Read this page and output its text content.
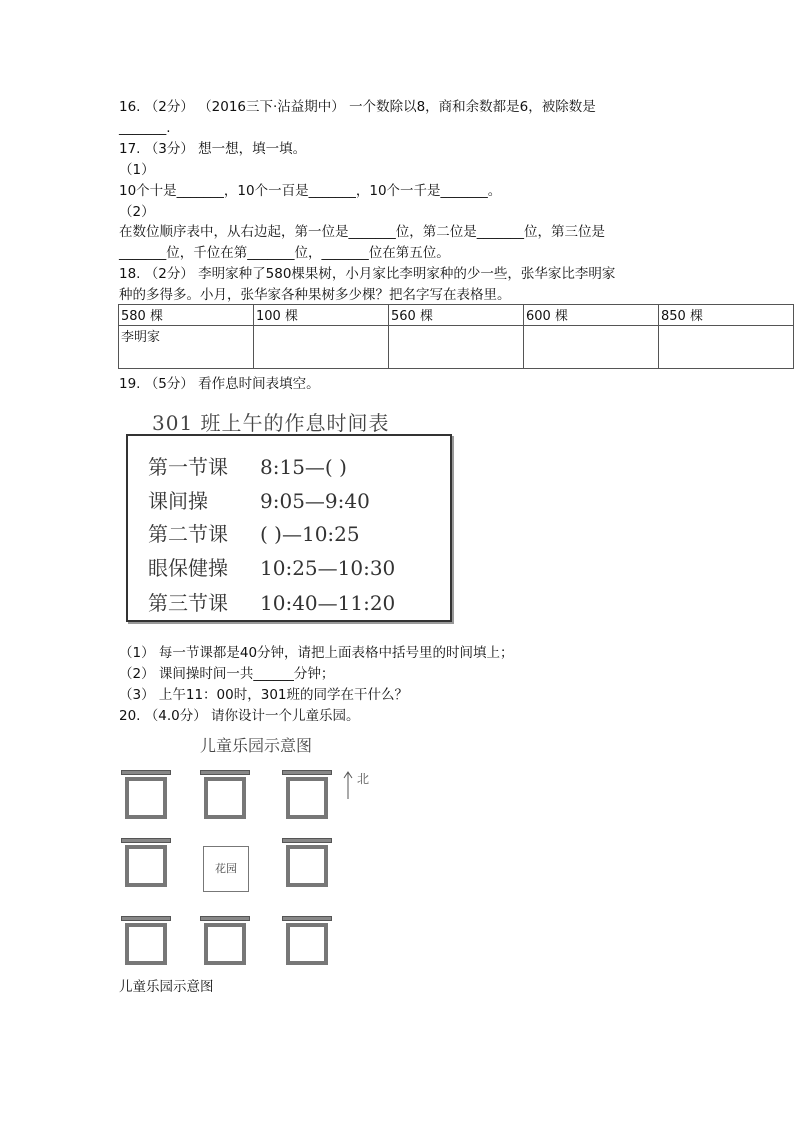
16. （2分） （2016三下·沾益期中） 一个数除以8，商和余数都是6，被除数是
_______.
17. （3分） 想一想，填一填。
（1）
10个十是_______，10个一百是_______，10个一千是_______。
（2）
在数位顺序表中，从右边起，第一位是_______位，第二位是_______位，第三位是
_______位，千位在第_______位，_______位在第五位。
18. （2分） 李明家种了580棵果树，小月家比李明家种的少一些，张华家比李明家
种的多得多。小月，张华家各种果树多少棵？把名字写在表格里。
580 棵	100 棵	560 棵	600 棵	850 棵
李明家				
19. （5分） 看作息时间表填空。
301 班上午的作息时间表
第一节课 8:15—( )
课间操	9:05—9:40
第二节课 ( )—10:25
眼保健操 10:25—10:30
第三节课 10:40—11:20
（1） 每一节课都是40分钟，请把上面表格中括号里的时间填上；
（2） 课间操时间一共______分钟；
（3） 上午11：00时，301班的同学在干什么？
20. （4.0分） 请你设计一个儿童乐园。
儿童乐园示意图
花园
北
儿童乐园示意图
